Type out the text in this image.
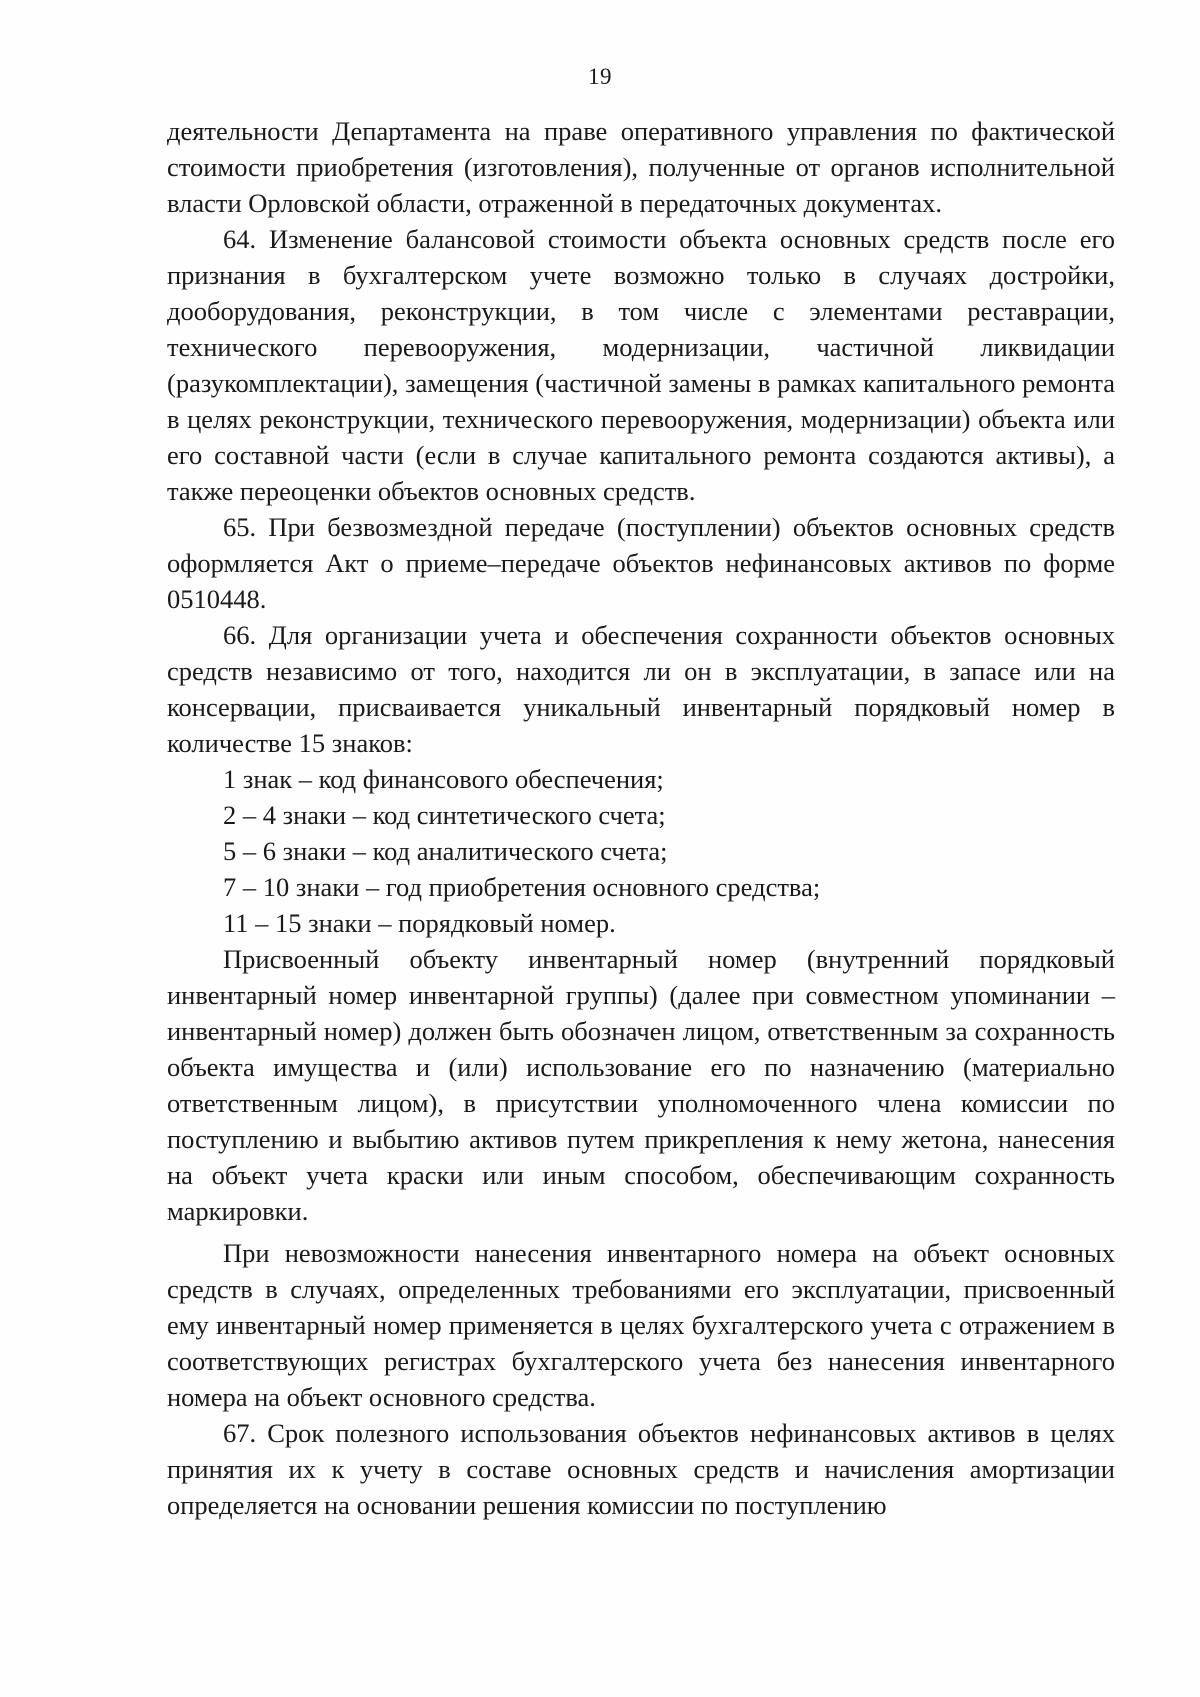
19

деятельности Департамента на праве оперативного управления по фактической стоимости приобретения (изготовления), полученные от органов исполнительной власти Орловской области, отраженной в передаточных документах.

64. Изменение балансовой стоимости объекта основных средств после его признания в бухгалтерском учете возможно только в случаях достройки, дооборудования, реконструкции, в том числе с элементами реставрации, технического перевооружения, модернизации, частичной ликвидации (разукомплектации), замещения (частичной замены в рамках капитального ремонта в целях реконструкции, технического перевооружения, модернизации) объекта или его составной части (если в случае капитального ремонта создаются активы), а также переоценки объектов основных средств.

65. При безвозмездной передаче (поступлении) объектов основных средств оформляется Акт о приеме–передаче объектов нефинансовых активов по форме 0510448.

66. Для организации учета и обеспечения сохранности объектов основных средств независимо от того, находится ли он в эксплуатации, в запасе или на консервации, присваивается уникальный инвентарный порядковый номер в количестве 15 знаков:

1 знак – код финансового обеспечения;

2 – 4 знаки – код синтетического счета;

5 – 6 знаки – код аналитического счета;

7 – 10 знаки – год приобретения основного средства;

11 – 15 знаки – порядковый номер.

Присвоенный объекту инвентарный номер (внутренний порядковый инвентарный номер инвентарной группы) (далее при совместном упоминании – инвентарный номер) должен быть обозначен лицом, ответственным за сохранность объекта имущества и (или) использование его по назначению (материально ответственным лицом), в присутствии уполномоченного члена комиссии по поступлению и выбытию активов путем прикрепления к нему жетона, нанесения на объект учета краски или иным способом, обеспечивающим сохранность маркировки.

При невозможности нанесения инвентарного номера на объект основных средств в случаях, определенных требованиями его эксплуатации, присвоенный ему инвентарный номер применяется в целях бухгалтерского учета с отражением в соответствующих регистрах бухгалтерского учета без нанесения инвентарного номера на объект основного средства.

67. Срок полезного использования объектов нефинансовых активов в целях принятия их к учету в составе основных средств и начисления амортизации определяется на основании решения комиссии по поступлению
